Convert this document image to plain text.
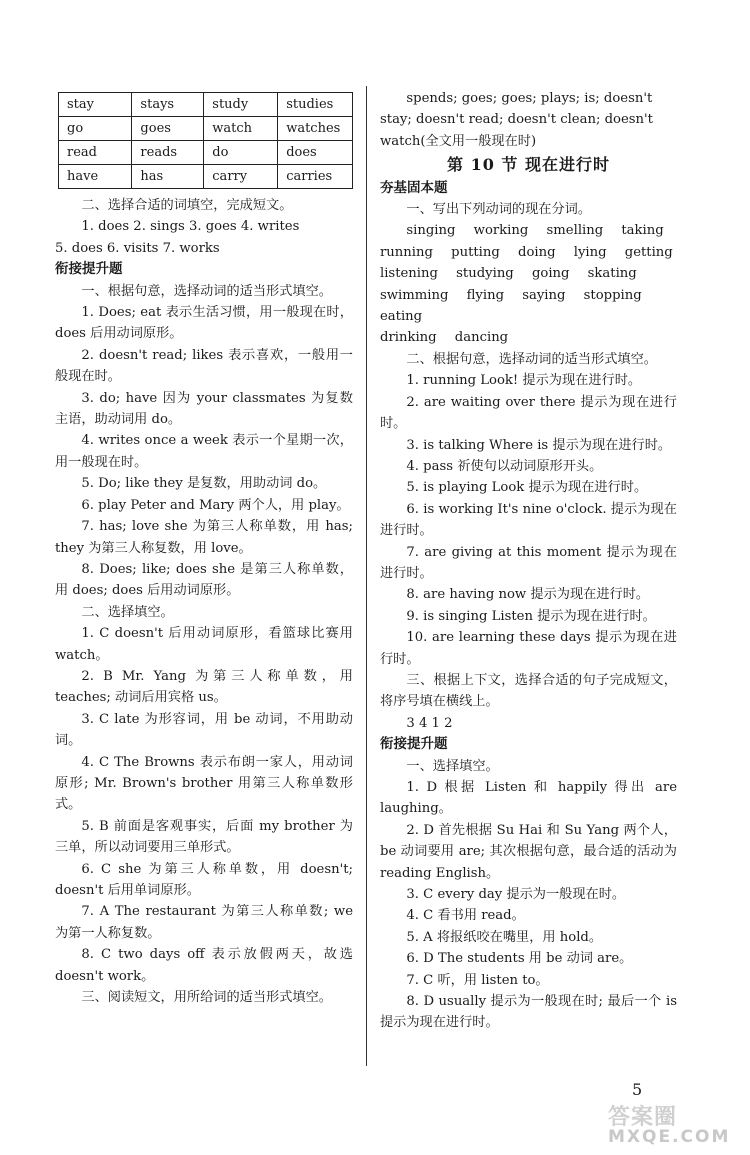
stay	stays	study	studies
go	goes	watch	watches
read	reads	do	does
have	has	carry	carries
二、选择合适的词填空，完成短文。
1. does 2. sings 3. goes 4. writes
5. does 6. visits 7. works
衔接提升题
一、根据句意，选择动词的适当形式填空。
1. Does; eat 表示生活习惯，用一般现在时，does 后用动词原形。
2. doesn't read; likes 表示喜欢，一般用一般现在时。
3. do; have 因为 your classmates 为复数主语，助动词用 do。
4. writes once a week 表示一个星期一次，用一般现在时。
5. Do; like they 是复数，用助动词 do。
6. play Peter and Mary 两个人，用 play。
7. has; love she 为第三人称单数，用 has; they 为第三人称复数，用 love。
8. Does; like; does she 是第三人称单数，用 does; does 后用动词原形。
二、选择填空。
1. C doesn't 后用动词原形，看篮球比赛用 watch。
2. B Mr. Yang 为第三人称单数，用 teaches; 动词后用宾格 us。
3. C late 为形容词，用 be 动词，不用助动词。
4. C The Browns 表示布朗一家人，用动词原形; Mr. Brown's brother 用第三人称单数形式。
5. B 前面是客观事实，后面 my brother 为三单，所以动词要用三单形式。
6. C she 为第三人称单数，用 doesn't; doesn't 后用单词原形。
7. A The restaurant 为第三人称单数; we 为第一人称复数。
8. C two days off 表示放假两天，故选 doesn't work。
三、阅读短文，用所给词的适当形式填空。
spends; goes; goes; plays; is; doesn't
stay; doesn't read; doesn't clean; doesn't
watch(全文用一般现在时)
第 10 节 现在进行时
夯基固本题
一、写出下列动词的现在分词。
singing working smelling taking
running putting doing lying getting
listening studying going skating
swimming flying saying stopping eating
drinking dancing
二、根据句意，选择动词的适当形式填空。
1. running Look! 提示为现在进行时。
2. are waiting over there 提示为现在进行时。
3. is talking Where is 提示为现在进行时。
4. pass 祈使句以动词原形开头。
5. is playing Look 提示为现在进行时。
6. is working It's nine o'clock. 提示为现在进行时。
7. are giving at this moment 提示为现在进行时。
8. are having now 提示为现在进行时。
9. is singing Listen 提示为现在进行时。
10. are learning these days 提示为现在进行时。
三、根据上下文，选择合适的句子完成短文，将序号填在横线上。
3 4 1 2
衔接提升题
一、选择填空。
1. D 根据 Listen 和 happily 得出 are laughing。
2. D 首先根据 Su Hai 和 Su Yang 两个人，be 动词要用 are; 其次根据句意，最合适的活动为 reading English。
3. C every day 提示为一般现在时。
4. C 看书用 read。
5. A 将报纸咬在嘴里，用 hold。
6. D The students 用 be 动词 are。
7. C 听，用 listen to。
8. D usually 提示为一般现在时; 最后一个 is 提示为现在进行时。
5
答案圈
MXQE.COM
